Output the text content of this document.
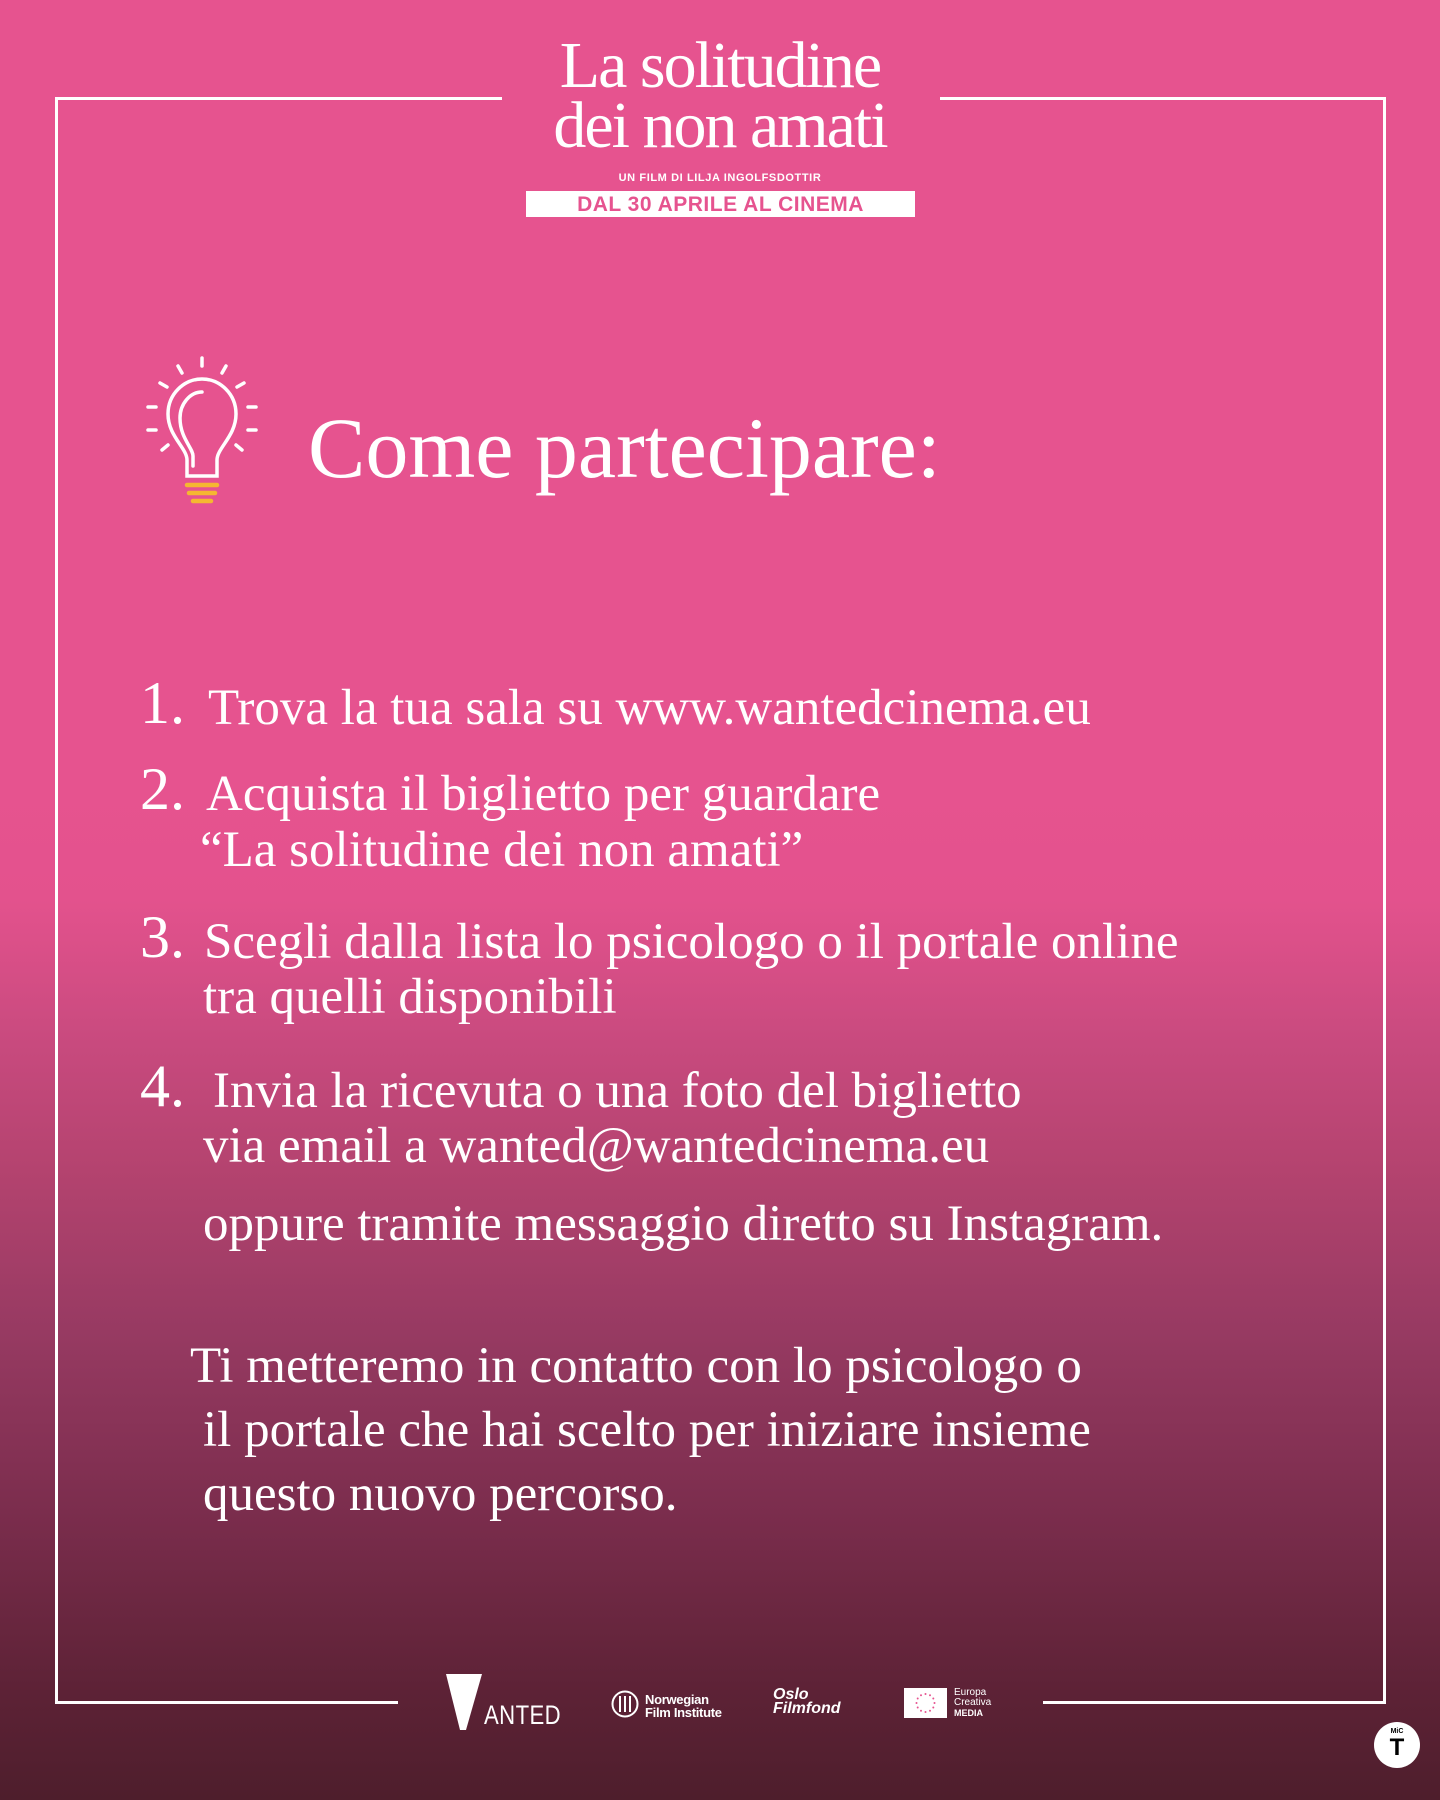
La solitudine
dei non amati
UN FILM DI LILJA INGOLFSDOTTIR
DAL 30 APRILE AL CINEMA
Come partecipare:
1. Trova la tua sala su www.wantedcinema.eu
2. Acquista il biglietto per guardare
“La solitudine dei non amati”
3. Scegli dalla lista lo psicologo o il portale online
tra quelli disponibili
4. Invia la ricevuta o una foto del biglietto
via email a wanted@wantedcinema.eu
oppure tramite messaggio diretto su Instagram.
Ti metteremo in contatto con lo psicologo o
il portale che hai scelto per iniziare insieme
questo nuovo percorso.
ANTED
Norwegian
Film Institute
Oslo
Filmfond
Europa
Creativa
MEDIA
MiC
T
